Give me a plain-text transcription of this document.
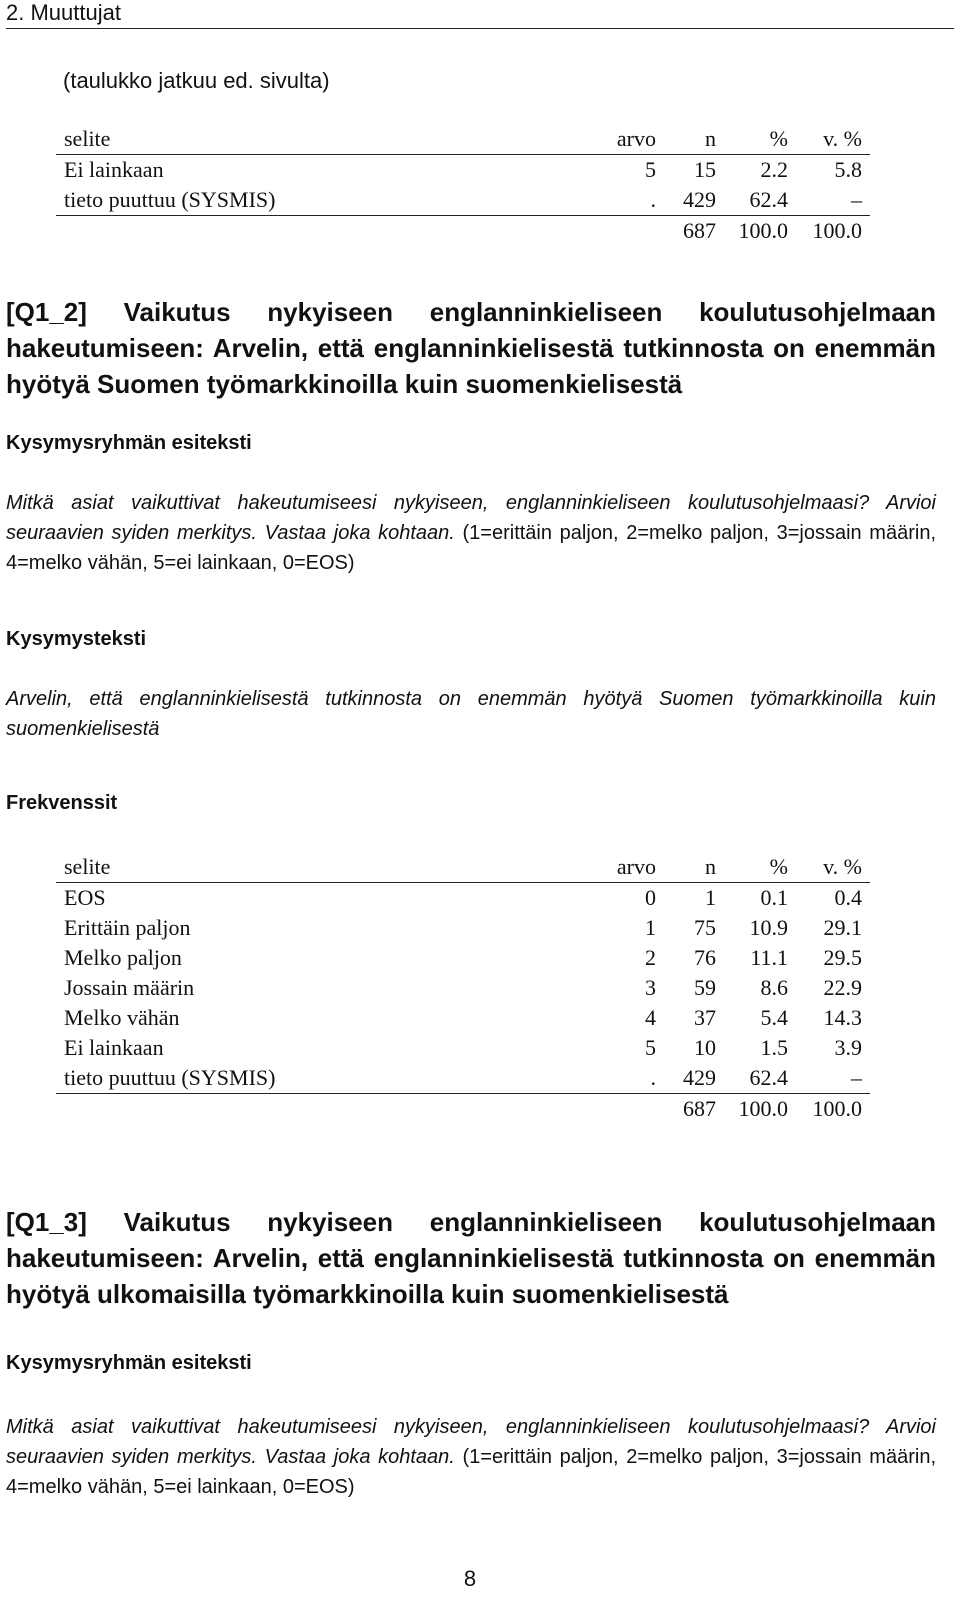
2. Muuttujat
(taulukko jatkuu ed. sivulta)
selite	arvo	n	%	v. %
Ei lainkaan	5	15	2.2	5.8
tieto puuttuu (SYSMIS)	.	429	62.4	–
		687	100.0	100.0
[Q1_2] Vaikutus nykyiseen englanninkieliseen koulutusohjelmaan hakeutumiseen: Arvelin, että englanninkielisestä tutkinnosta on enemmän hyötyä Suomen työmarkkinoilla kuin suomenkielisestä
Kysymysryhmän esiteksti
Mitkä asiat vaikuttivat hakeutumiseesi nykyiseen, englanninkieliseen koulutusohjelmaasi? Arvioi seuraavien syiden merkitys. Vastaa joka kohtaan. (1=erittäin paljon, 2=melko paljon, 3=jossain määrin, 4=melko vähän, 5=ei lainkaan, 0=EOS)
Kysymysteksti
Arvelin, että englanninkielisestä tutkinnosta on enemmän hyötyä Suomen työmarkkinoilla kuin suomenkielisestä
Frekvenssit
selite	arvo	n	%	v. %
EOS	0	1	0.1	0.4
Erittäin paljon	1	75	10.9	29.1
Melko paljon	2	76	11.1	29.5
Jossain määrin	3	59	8.6	22.9
Melko vähän	4	37	5.4	14.3
Ei lainkaan	5	10	1.5	3.9
tieto puuttuu (SYSMIS)	.	429	62.4	–
		687	100.0	100.0
[Q1_3] Vaikutus nykyiseen englanninkieliseen koulutusohjelmaan hakeutumiseen: Arvelin, että englanninkielisestä tutkinnosta on enemmän hyötyä ulkomaisilla työmarkkinoilla kuin suomenkielisestä
Kysymysryhmän esiteksti
Mitkä asiat vaikuttivat hakeutumiseesi nykyiseen, englanninkieliseen koulutusohjelmaasi? Arvioi seuraavien syiden merkitys. Vastaa joka kohtaan. (1=erittäin paljon, 2=melko paljon, 3=jossain määrin, 4=melko vähän, 5=ei lainkaan, 0=EOS)
8
